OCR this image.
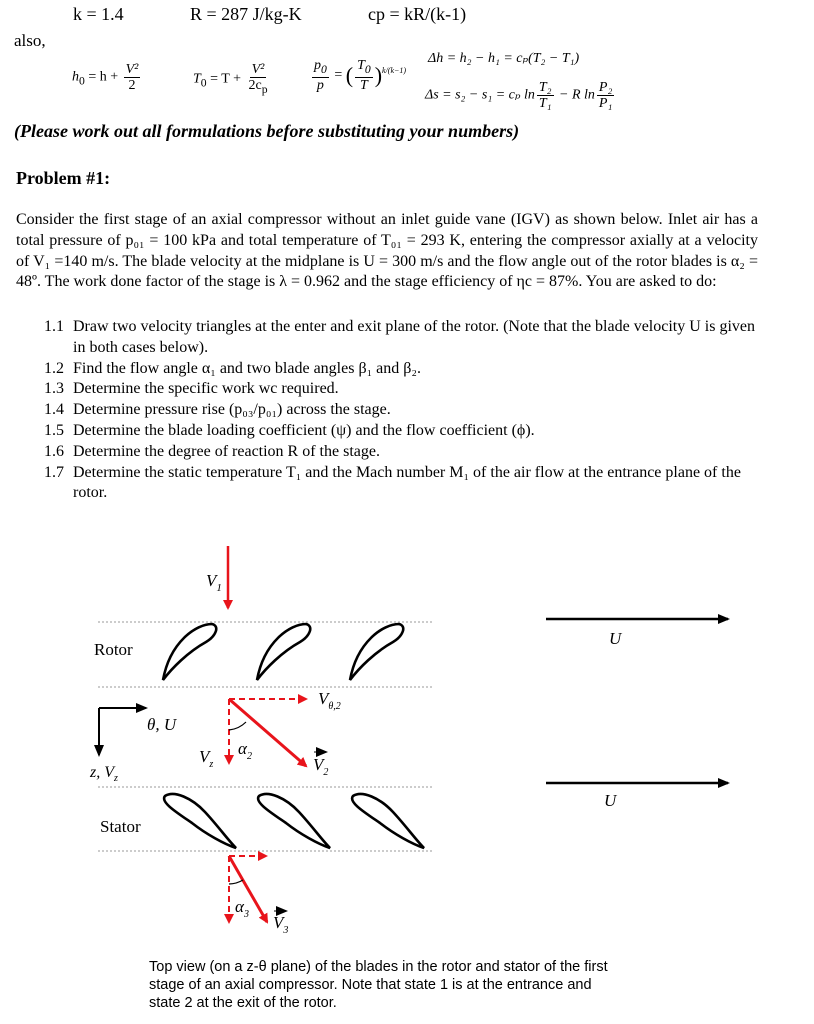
k = 1.4	R = 287 J/kg-K	cp = kR/(k-1)
also,
$h_0 = h + \frac{\text{V²}}{2}$	$T_0 = T + \frac{\text{V²}}{2c_p}$	$\frac{p_0}{p}$ = ( $\frac{T_0}{T} )^{k/(k-1)}$
Δh = h₂ − h₁ = cₚ(T₂ − T₁)
Δs = s₂ − s₁ = cₚ $\ln \frac{\text{T₂}}{\text{T₁}} - R$ $\ln \frac{\text{P₂}}{\text{P₁}}$
(Please work out all formulations before substituting your numbers)
Problem #1:
Consider the first stage of an axial compressor without an inlet guide vane (IGV) as shown below. Inlet air has a total pressure of p₀₁ = 100 kPa and total temperature of T₀₁ = 293 K, entering the compressor axially at a velocity of V₁ =140 m/s. The blade velocity at the midplane is U = 300 m/s and the flow angle out of the rotor blades is α₂ = 48º. The work done factor of the stage is λ = 0.962 and the stage efficiency of ηc = 87%. You are asked to do:
1.1 Draw two velocity triangles at the enter and exit plane of the rotor. (Note that the blade velocity U is given in both cases below).
1.2 Find the flow angle α₁ and two blade angles β₁ and β₂.
1.3 Determine the specific work wc required.
1.4 Determine pressure rise (p₀₃/p₀₁) across the stage.
1.5 Determine the blade loading coefficient (ψ) and the flow coefficient (ϕ).
1.6 Determine the degree of reaction R of the stage.
1.7 Determine the static temperature T₁ and the Mach number M₁ of the air flow at the entrance plane of the rotor.
$V_1$
Rotor
θ, U
z, $V_z$
$V_{\theta,2}$
$V_z$
$\alpha_2$	$V_2$
Stator
$\alpha_3$ $V_3$
U
U
Top view (on a z-θ plane) of the blades in the rotor and stator of the first stage of an axial compressor. Note that state 1 is at the entrance and state 2 at the exit of the rotor.
